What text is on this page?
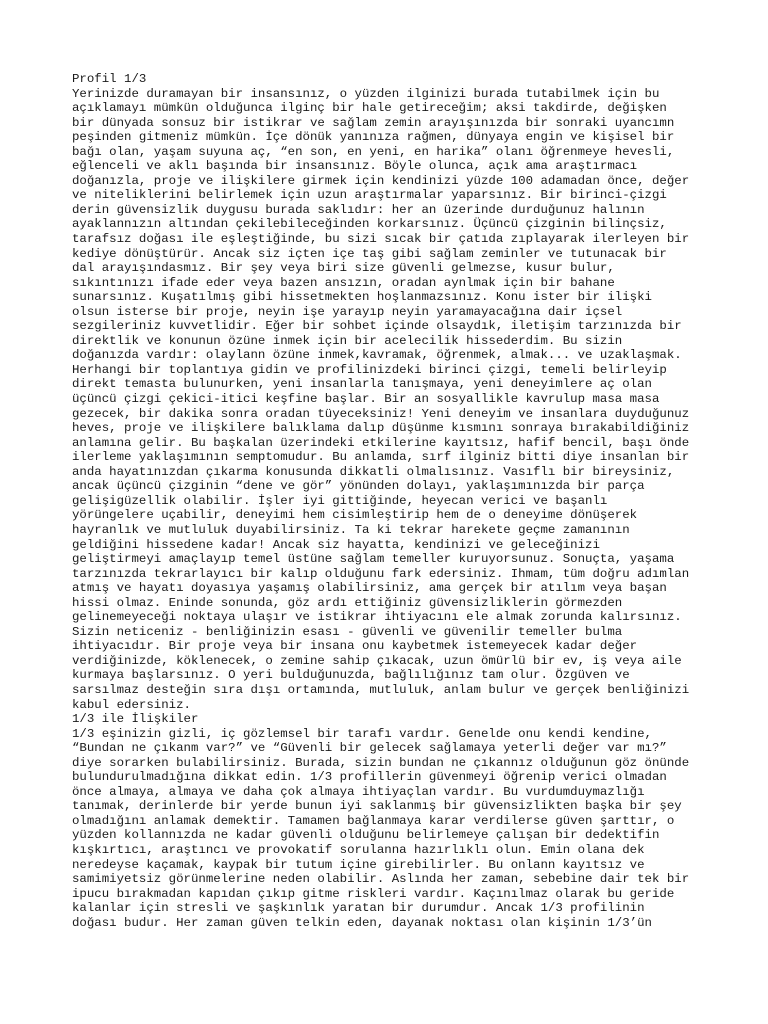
Profil 1/3
Yerinizde duramayan bir insansınız, o yüzden ilginizi burada tutabilmek için bu
açıklamayı mümkün olduğunca ilginç bir hale getireceğim; aksi takdirde, değişken
bir dünyada sonsuz bir istikrar ve sağlam zemin arayışınızda bir sonraki uyancımn
peşinden gitmeniz mümkün. İçe dönük yanınıza rağmen, dünyaya engin ve kişisel bir
bağı olan, yaşam suyuna aç, “en son, en yeni, en harika” olanı öğrenmeye hevesli,
eğlenceli ve aklı başında bir insansınız. Böyle olunca, açık ama araştırmacı
doğanızla, proje ve ilişkilere girmek için kendinizi yüzde 100 adamadan önce, değer
ve niteliklerini belirlemek için uzun araştırmalar yaparsınız. Bir birinci-çizgi
derin güvensizlik duygusu burada saklıdır: her an üzerinde durduğunuz halının
ayaklannızın altından çekilebileceğinden korkarsınız. Üçüncü çizginin bilinçsiz,
tarafsız doğası ile eşleştiğinde, bu sizi sıcak bir çatıda zıplayarak ilerleyen bir
kediye dönüştürür. Ancak siz içten içe taş gibi sağlam zeminler ve tutunacak bir
dal arayışındasmız. Bir şey veya biri size güvenli gelmezse, kusur bulur,
sıkıntınızı ifade eder veya bazen ansızın, oradan aynlmak için bir bahane
sunarsınız. Kuşatılmış gibi hissetmekten hoşlanmazsınız. Konu ister bir ilişki
olsun isterse bir proje, neyin işe yarayıp neyin yaramayacağına dair içsel
sezgileriniz kuvvetlidir. Eğer bir sohbet içinde olsaydık, iletişim tarzınızda bir
direktlik ve konunun özüne inmek için bir acelecilik hissederdim. Bu sizin
doğanızda vardır: olaylann özüne inmek,kavramak, öğrenmek, almak... ve uzaklaşmak.
Herhangi bir toplantıya gidin ve profilinizdeki birinci çizgi, temeli belirleyip
direkt temasta bulunurken, yeni insanlarla tanışmaya, yeni deneyimlere aç olan
üçüncü çizgi çekici-itici keşfine başlar. Bir an sosyallikle kavrulup masa masa
gezecek, bir dakika sonra oradan tüyeceksiniz! Yeni deneyim ve insanlara duyduğunuz
heves, proje ve ilişkilere balıklama dalıp düşünme kısmını sonraya bırakabildiğiniz
anlamına gelir. Bu başkalan üzerindeki etkilerine kayıtsız, hafif bencil, başı önde
ilerleme yaklaşımının semptomudur. Bu anlamda, sırf ilginiz bitti diye insanlan bir
anda hayatınızdan çıkarma konusunda dikkatli olmalısınız. Vasıflı bir bireysiniz,
ancak üçüncü çizginin “dene ve gör” yönünden dolayı, yaklaşımınızda bir parça
gelişigüzellik olabilir. İşler iyi gittiğinde, heyecan verici ve başanlı
yörüngelere uçabilir, deneyimi hem cisimleştirip hem de o deneyime dönüşerek
hayranlık ve mutluluk duyabilirsiniz. Ta ki tekrar harekete geçme zamanının
geldiğini hissedene kadar! Ancak siz hayatta, kendinizi ve geleceğinizi
geliştirmeyi amaçlayıp temel üstüne sağlam temeller kuruyorsunuz. Sonuçta, yaşama
tarzınızda tekrarlayıcı bir kalıp olduğunu fark edersiniz. Ihmam, tüm doğru adımlan
atmış ve hayatı doyasıya yaşamış olabilirsiniz, ama gerçek bir atılım veya başan
hissi olmaz. Eninde sonunda, göz ardı ettiğiniz güvensizliklerin görmezden
gelinemeyeceği noktaya ulaşır ve istikrar ihtiyacını ele almak zorunda kalırsınız.
Sizin neticeniz - benliğinizin esası - güvenli ve güvenilir temeller bulma
ihtiyacıdır. Bir proje veya bir insana onu kaybetmek istemeyecek kadar değer
verdiğinizde, köklenecek, o zemine sahip çıkacak, uzun ömürlü bir ev, iş veya aile
kurmaya başlarsınız. O yeri bulduğunuzda, bağlılığınız tam olur. Özgüven ve
sarsılmaz desteğin sıra dışı ortamında, mutluluk, anlam bulur ve gerçek benliğinizi
kabul edersiniz.
1/3 ile İlişkiler
1/3 eşinizin gizli, iç gözlemsel bir tarafı vardır. Genelde onu kendi kendine,
“Bundan ne çıkanm var?” ve “Güvenli bir gelecek sağlamaya yeterli değer var mı?”
diye sorarken bulabilirsiniz. Burada, sizin bundan ne çıkannız olduğunun göz önünde
bulundurulmadığına dikkat edin. 1/3 profillerin güvenmeyi öğrenip verici olmadan
önce almaya, almaya ve daha çok almaya ihtiyaçlan vardır. Bu vurdumduymazlığı
tanımak, derinlerde bir yerde bunun iyi saklanmış bir güvensizlikten başka bir şey
olmadığını anlamak demektir. Tamamen bağlanmaya karar verdilerse güven şarttır, o
yüzden kollannızda ne kadar güvenli olduğunu belirlemeye çalışan bir dedektifin
kışkırtıcı, araştıncı ve provokatif sorulanna hazırlıklı olun. Emin olana dek
neredeyse kaçamak, kaypak bir tutum içine girebilirler. Bu onlann kayıtsız ve
samimiyetsiz görünmelerine neden olabilir. Aslında her zaman, sebebine dair tek bir
ipucu bırakmadan kapıdan çıkıp gitme riskleri vardır. Kaçınılmaz olarak bu geride
kalanlar için stresli ve şaşkınlık yaratan bir durumdur. Ancak 1/3 profilinin
doğası budur. Her zaman güven telkin eden, dayanak noktası olan kişinin 1/3’ün
